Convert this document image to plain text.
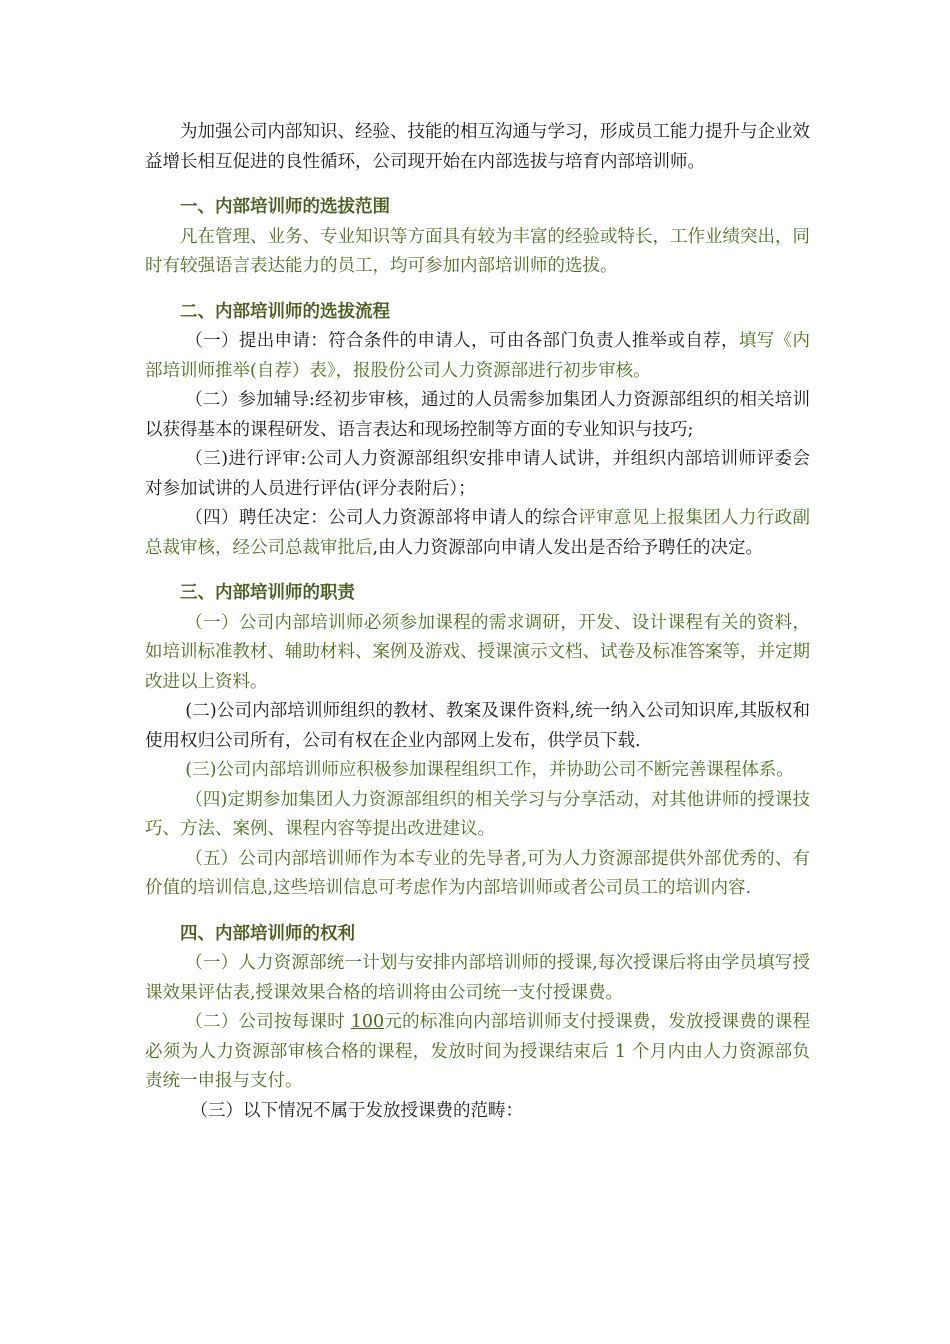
为加强公司内部知识、经验、技能的相互沟通与学习，形成员工能力提升与企业效益增长相互促进的良性循环，公司现开始在内部选拔与培育内部培训师。

一、内部培训师的选拔范围

凡在管理、业务、专业知识等方面具有较为丰富的经验或特长，工作业绩突出，同时有较强语言表达能力的员工，均可参加内部培训师的选拔。

二、内部培训师的选拔流程

（一）提出申请：符合条件的申请人，可由各部门负责人推举或自荐，填写《内部培训师推举(自荐）表》，报股份公司人力资源部进行初步审核。

（二）参加辅导:经初步审核，通过的人员需参加集团人力资源部组织的相关培训以获得基本的课程研发、语言表达和现场控制等方面的专业知识与技巧;

（三)进行评审:公司人力资源部组织安排申请人试讲，并组织内部培训师评委会对参加试讲的人员进行评估(评分表附后）；

（四）聘任决定：公司人力资源部将申请人的综合评审意见上报集团人力行政副总裁审核，经公司总裁审批后,由人力资源部向申请人发出是否给予聘任的决定。

三、内部培训师的职责

（一）公司内部培训师必须参加课程的需求调研，开发、设计课程有关的资料，如培训标准教材、辅助材料、案例及游戏、授课演示文档、试卷及标准答案等，并定期改进以上资料。

(二)公司内部培训师组织的教材、教案及课件资料,统一纳入公司知识库,其版权和使用权归公司所有，公司有权在企业内部网上发布，供学员下载.

(三)公司内部培训师应积极参加课程组织工作，并协助公司不断完善课程体系。

（四)定期参加集团人力资源部组织的相关学习与分享活动，对其他讲师的授课技巧、方法、案例、课程内容等提出改进建议。

（五）公司内部培训师作为本专业的先导者,可为人力资源部提供外部优秀的、有价值的培训信息,这些培训信息可考虑作为内部培训师或者公司员工的培训内容.

四、内部培训师的权利

（一）人力资源部统一计划与安排内部培训师的授课,每次授课后将由学员填写授课效果评估表,授课效果合格的培训将由公司统一支付授课费。

（二）公司按每课时 100元的标准向内部培训师支付授课费，发放授课费的课程必须为人力资源部审核合格的课程，发放时间为授课结束后 1 个月内由人力资源部负责统一申报与支付。

（三）以下情况不属于发放授课费的范畴：
